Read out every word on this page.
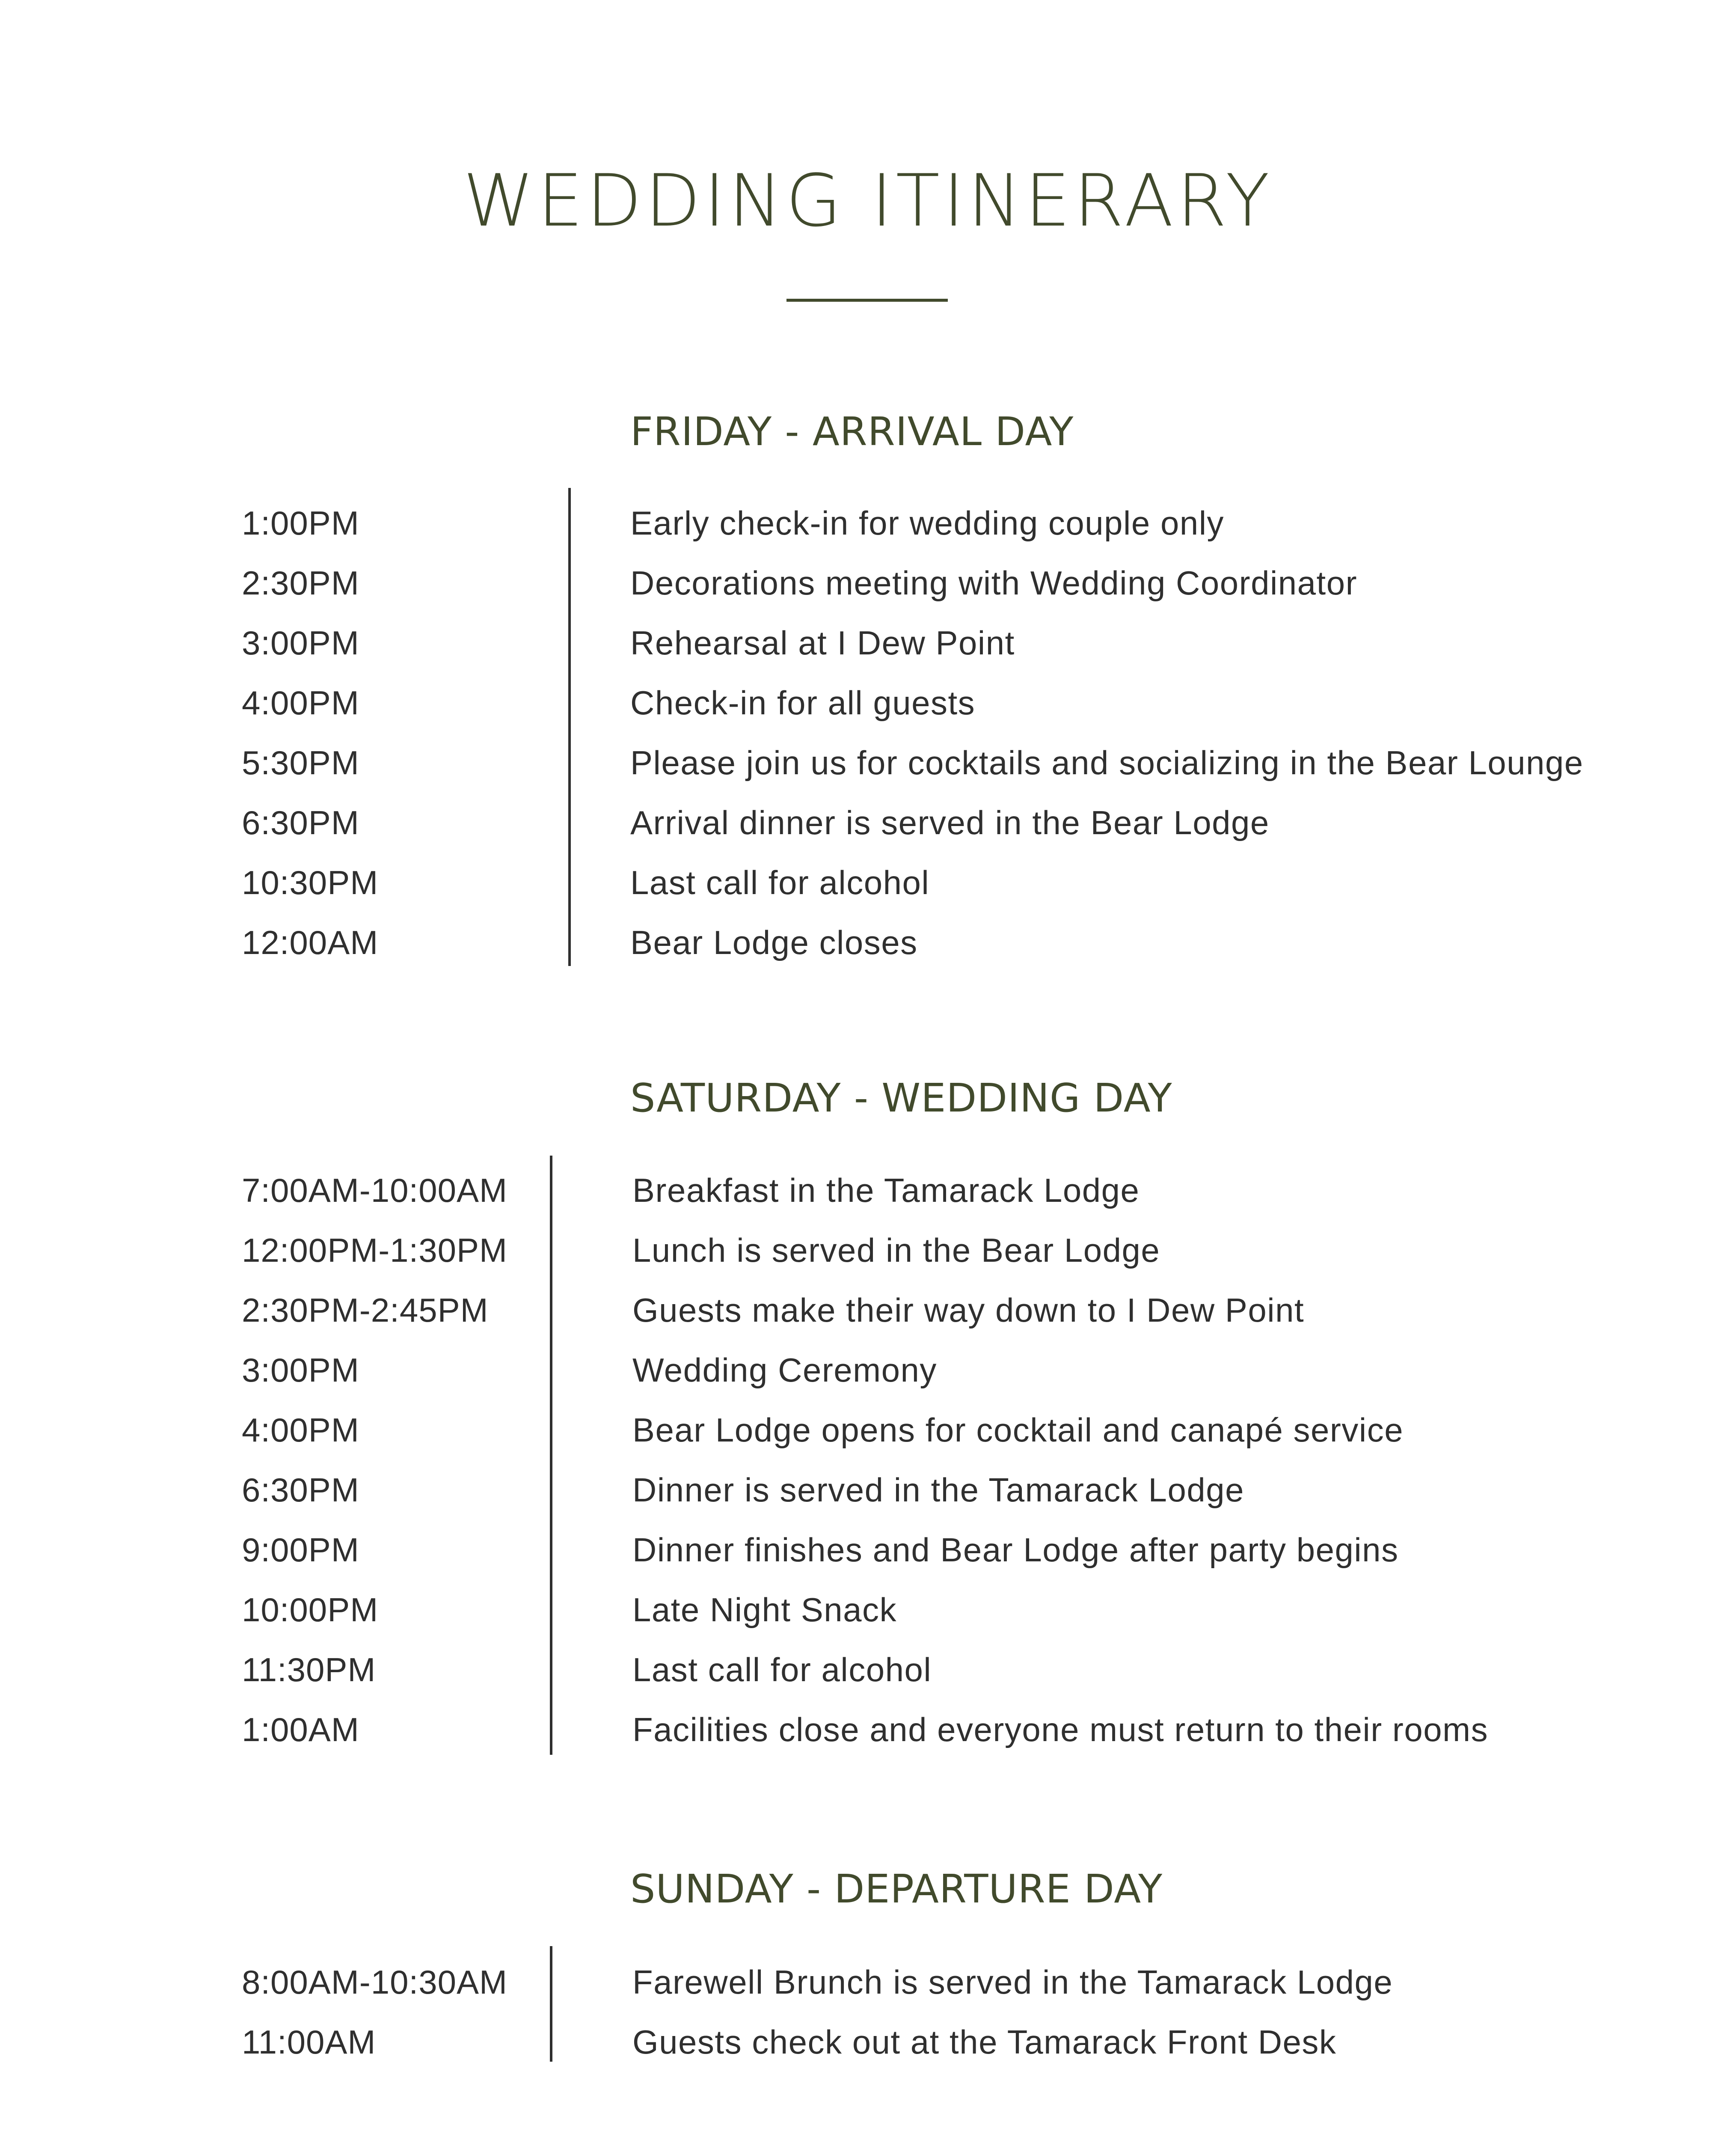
WEDDING ITINERARY
FRIDAY - ARRIVAL DAY
1:00PM	Early check-in for wedding couple only
2:30PM	Decorations meeting with Wedding Coordinator
3:00PM	Rehearsal at I Dew Point
4:00PM	Check-in for all guests
5:30PM	Please join us for cocktails and socializing in the Bear Lounge
6:30PM	Arrival dinner is served in the Bear Lodge
10:30PM	Last call for alcohol
12:00AM	Bear Lodge closes
SATURDAY - WEDDING DAY
7:00AM-10:00AM	Breakfast in the Tamarack Lodge
12:00PM-1:30PM	Lunch is served in the Bear Lodge
2:30PM-2:45PM	Guests make their way down to I Dew Point
3:00PM	Wedding Ceremony
4:00PM	Bear Lodge opens for cocktail and canapé service
6:30PM	Dinner is served in the Tamarack Lodge
9:00PM	Dinner finishes and Bear Lodge after party begins
10:00PM	Late Night Snack
11:30PM	Last call for alcohol
1:00AM	Facilities close and everyone must return to their rooms
SUNDAY - DEPARTURE DAY
8:00AM-10:30AM	Farewell Brunch is served in the Tamarack Lodge
11:00AM	Guests check out at the Tamarack Front Desk
